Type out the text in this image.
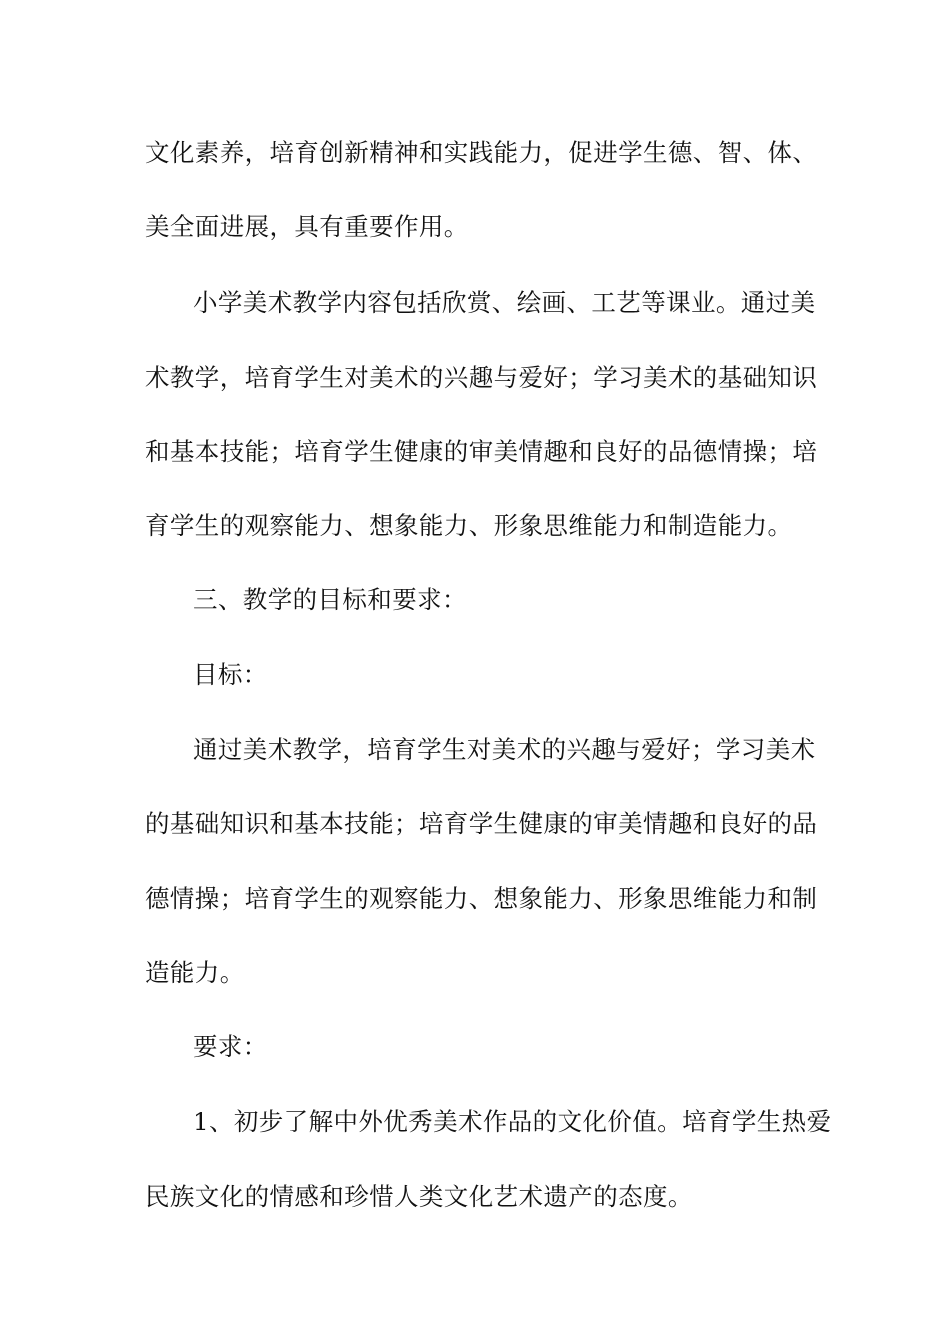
文化素养，培育创新精神和实践能力，促进学生德、智、体、
美全面进展，具有重要作用。
小学美术教学内容包括欣赏、绘画、工艺等课业。通过美
术教学，培育学生对美术的兴趣与爱好；学习美术的基础知识
和基本技能；培育学生健康的审美情趣和良好的品德情操；培
育学生的观察能力、想象能力、形象思维能力和制造能力。
三、教学的目标和要求：
目标：
通过美术教学，培育学生对美术的兴趣与爱好；学习美术
的基础知识和基本技能；培育学生健康的审美情趣和良好的品
德情操；培育学生的观察能力、想象能力、形象思维能力和制
造能力。
要求：
1、初步了解中外优秀美术作品的文化价值。培育学生热爱
民族文化的情感和珍惜人类文化艺术遗产的态度。
